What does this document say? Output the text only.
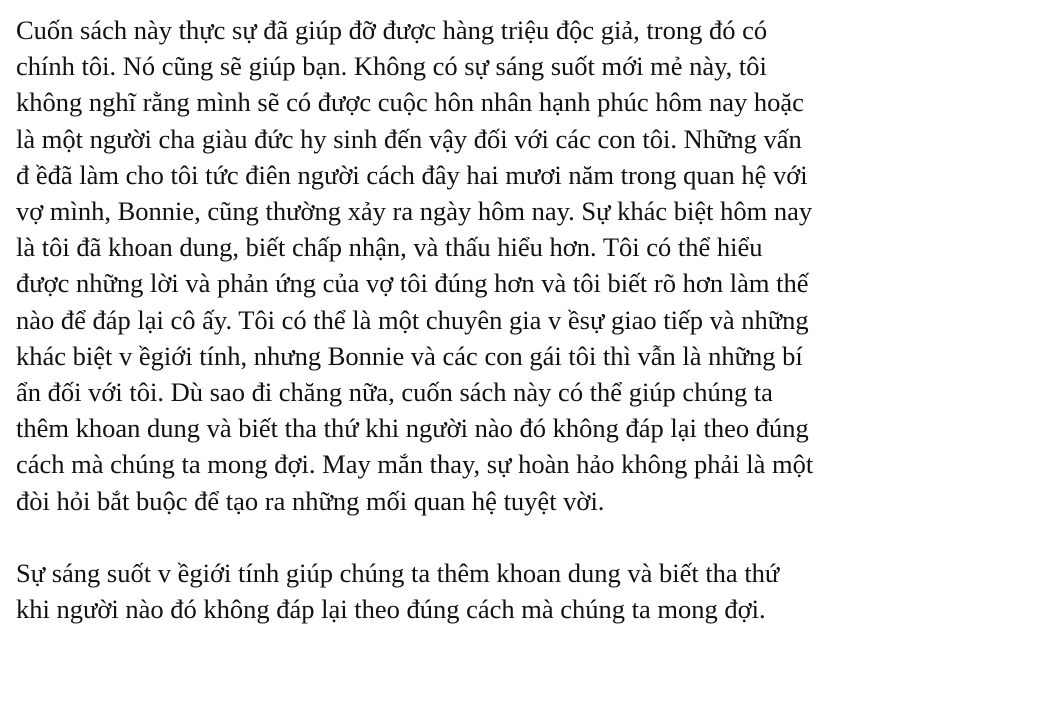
Cuốn sách này thực sự đã giúp đỡ được hàng triệu độc giả, trong đó có
chính tôi. Nó cũng sẽ giúp bạn. Không có sự sáng suốt mới mẻ này, tôi
không nghĩ rằng mình sẽ có được cuộc hôn nhân hạnh phúc hôm nay hoặc
là một người cha giàu đức hy sinh đến vậy đối với các con tôi. Những vấn
đ ềđã làm cho tôi tức điên người cách đây hai mươi năm trong quan hệ với
vợ mình, Bonnie, cũng thường xảy ra ngày hôm nay. Sự khác biệt hôm nay
là tôi đã khoan dung, biết chấp nhận, và thấu hiểu hơn. Tôi có thể hiểu
được những lời và phản ứng của vợ tôi đúng hơn và tôi biết rõ hơn làm thế
nào để đáp lại cô ấy. Tôi có thể là một chuyên gia v ềsự giao tiếp và những
khác biệt v ềgiới tính, nhưng Bonnie và các con gái tôi thì vẫn là những bí
ẩn đối với tôi. Dù sao đi chăng nữa, cuốn sách này có thể giúp chúng ta
thêm khoan dung và biết tha thứ khi người nào đó không đáp lại theo đúng
cách mà chúng ta mong đợi. May mắn thay, sự hoàn hảo không phải là một
đòi hỏi bắt buộc để tạo ra những mối quan hệ tuyệt vời.

Sự sáng suốt v ềgiới tính giúp chúng ta thêm khoan dung và biết tha thứ
khi người nào đó không đáp lại theo đúng cách mà chúng ta mong đợi.
